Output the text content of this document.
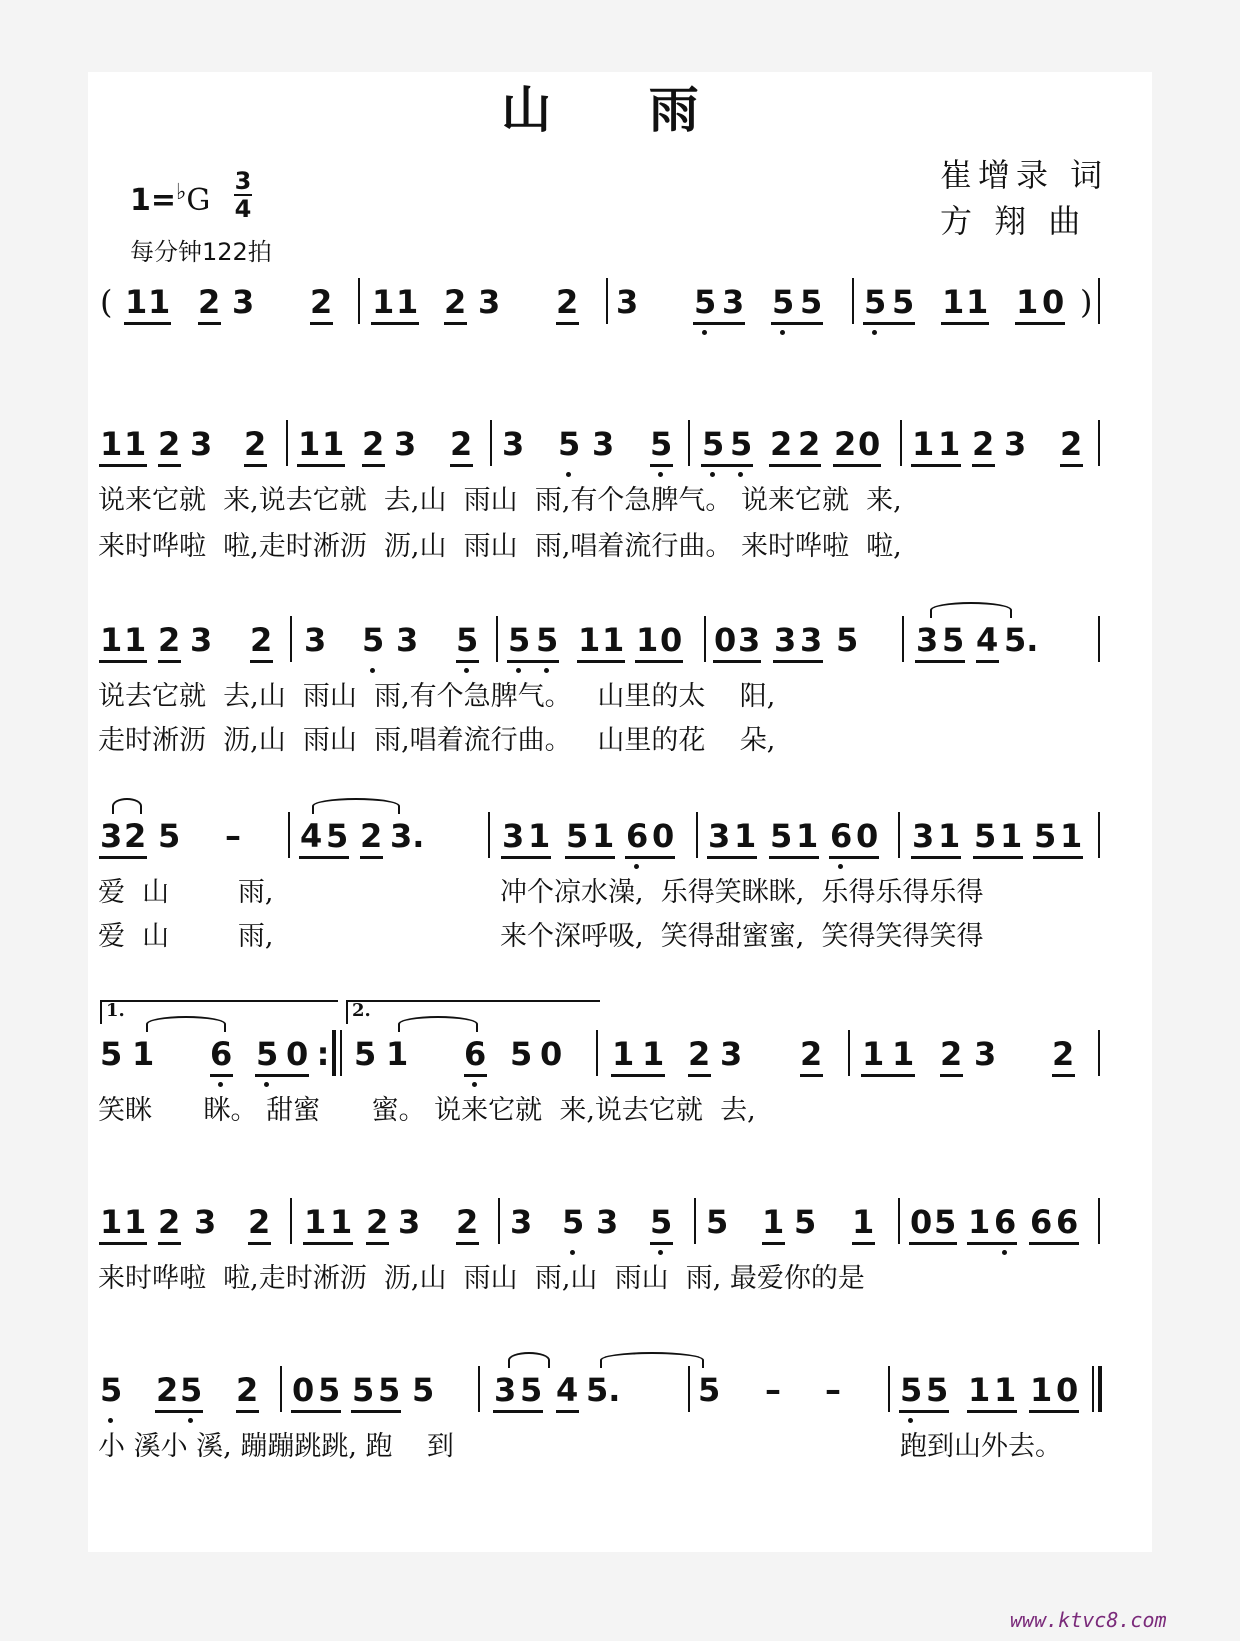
山 雨
1=♭G
3
4
每分钟122拍
崔增录 词
方 翔 曲
(	)
1 1 2 3 2 1 1 2 3 2 3 5 3 5 5 5 5 1 1 1 0
1 1 2 3 2 1 1 2 3 2 3 5 3 5 5 5 2 2 2 0 1 1 2 3 2
1 1 2 3 2 3 5 3 5 5 5 1 1 1 0 0 3 3 3 5 3 5 4 5.
3 2 5 – 4 5 2 3. 3 1 5 1 6 0 3 1 5 1 6 0 3 1 5 1 5 1
5 1 6 5 0 : 5 1 6 5 0 1 1 2 3 2 1 1 2 3 2
1 1 2 3 2 1 1 2 3 2 3 5 3 5 5 1 5 1 0 5 1 6 6 6
5 2 5 2 0 5 5 5 5 3 5 4 5. 5 – – 5 5 1 1 1 0
说来它就  来,说去它就  去,山  雨山  雨,有个急脾气。 说来它就  来,
来时哗啦  啦,走时淅沥  沥,山  雨山  雨,唱着流行曲。 来时哗啦  啦,
说去它就  去,山  雨山  雨,有个急脾气。   山里的太    阳,
走时淅沥  沥,山  雨山  雨,唱着流行曲。   山里的花    朵,
爱  山        雨,
爱  山        雨,
冲个凉水澡,  乐得笑眯眯,  乐得乐得乐得
来个深呼吸,  笑得甜蜜蜜,  笑得笑得笑得
笑眯      眯。 甜蜜      蜜。 说来它就  来,说去它就  去,
来时哗啦  啦,走时淅沥  沥,山  雨山  雨,山  雨山  雨, 最爱你的是
小 溪小 溪, 蹦蹦跳跳, 跑    到	跑到山外去。
1.	2.
www.ktvc8.com
